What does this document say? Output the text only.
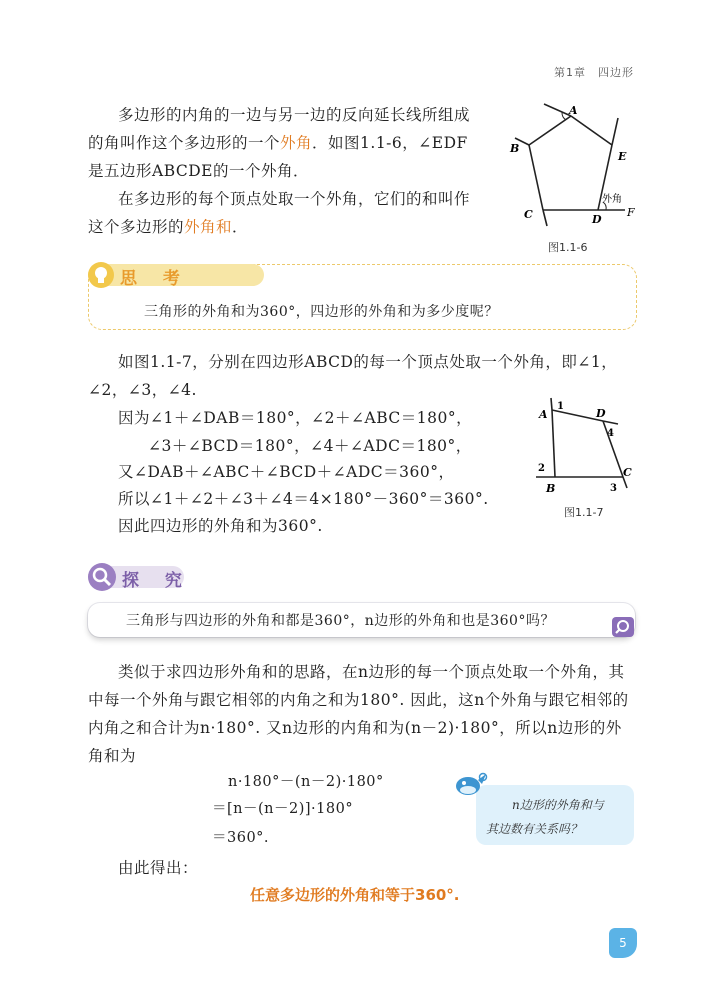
第1章　四边形
多边形的内角的一边与另一边的反向延长线所组成
的角叫作这个多边形的一个外角．如图1.1-6，∠EDF
是五边形ABCDE的一个外角．
在多边形的每个顶点处取一个外角，它们的和叫作
这个多边形的外角和．
A
B
E
C	D
F
外角
图1.1-6
思 考
三角形的外角和为360°，四边形的外角和为多少度呢？
如图1.1-7，分别在四边形ABCD的每一个顶点处取一个外角，即∠1，
∠2，∠3，∠4.
因为∠1＋∠DAB＝180°，∠2＋∠ABC＝180°，
∠3＋∠BCD＝180°，∠4＋∠ADC＝180°，
又∠DAB＋∠ABC＋∠BCD＋∠ADC＝360°，
所以∠1＋∠2＋∠3＋∠4＝4×180°－360°＝360°.
因此四边形的外角和为360°.
A
B
C
D
1
2
3
4
图1.1-7
探 究
三角形与四边形的外角和都是360°，n边形的外角和也是360°吗？
类似于求四边形外角和的思路，在n边形的每一个顶点处取一个外角，其
中每一个外角与跟它相邻的内角之和为180°. 因此，这n个外角与跟它相邻的
内角之和合计为n·180°. 又n边形的内角和为(n－2)·180°，所以n边形的外
角和为
n·180°－(n－2)·180°
＝[n－(n－2)]·180°
＝360°.
由此得出：
n边形的外角和与
其边数有关系吗？
任意多边形的外角和等于360°.
5
